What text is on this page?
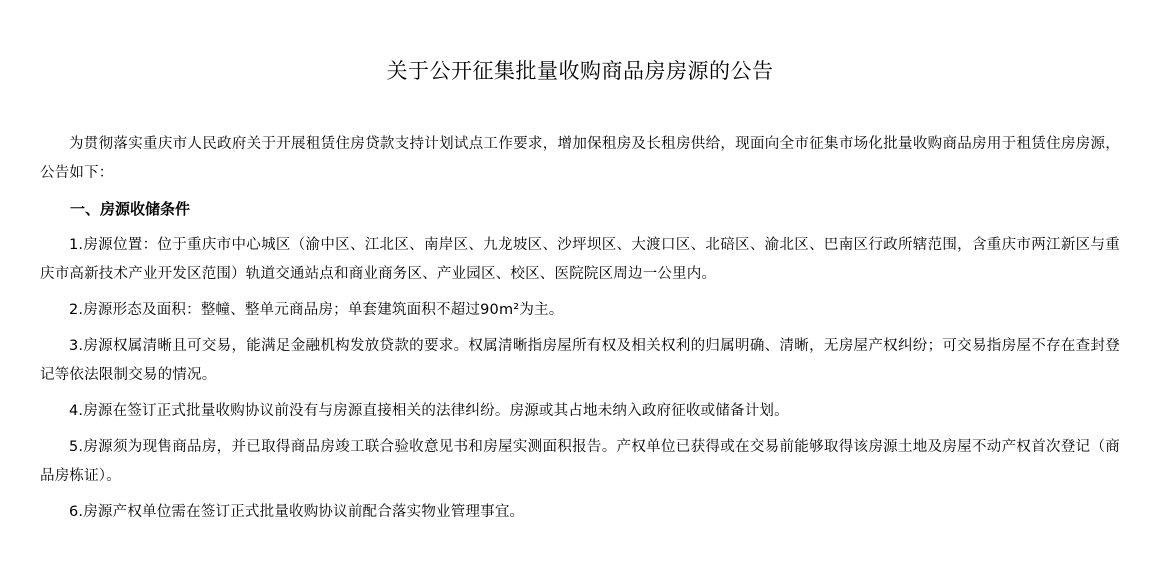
关于公开征集批量收购商品房房源的公告

为贯彻落实重庆市人民政府关于开展租赁住房贷款支持计划试点工作要求，增加保租房及长租房供给，现面向全市征集市场化批量收购商品房用于租赁住房房源，公告如下：

一、房源收储条件

1.房源位置：位于重庆市中心城区（渝中区、江北区、南岸区、九龙坡区、沙坪坝区、大渡口区、北碚区、渝北区、巴南区行政所辖范围，含重庆市两江新区与重庆市高新技术产业开发区范围）轨道交通站点和商业商务区、产业园区、校区、医院院区周边一公里内。

2.房源形态及面积：整幢、整单元商品房；单套建筑面积不超过90m²为主。

3.房源权属清晰且可交易，能满足金融机构发放贷款的要求。权属清晰指房屋所有权及相关权利的归属明确、清晰，无房屋产权纠纷；可交易指房屋不存在查封登记等依法限制交易的情况。

4.房源在签订正式批量收购协议前没有与房源直接相关的法律纠纷。房源或其占地未纳入政府征收或储备计划。

5.房源须为现售商品房，并已取得商品房竣工联合验收意见书和房屋实测面积报告。产权单位已获得或在交易前能够取得该房源土地及房屋不动产权首次登记（商品房栋证）。

6.房源产权单位需在签订正式批量收购协议前配合落实物业管理事宜。
